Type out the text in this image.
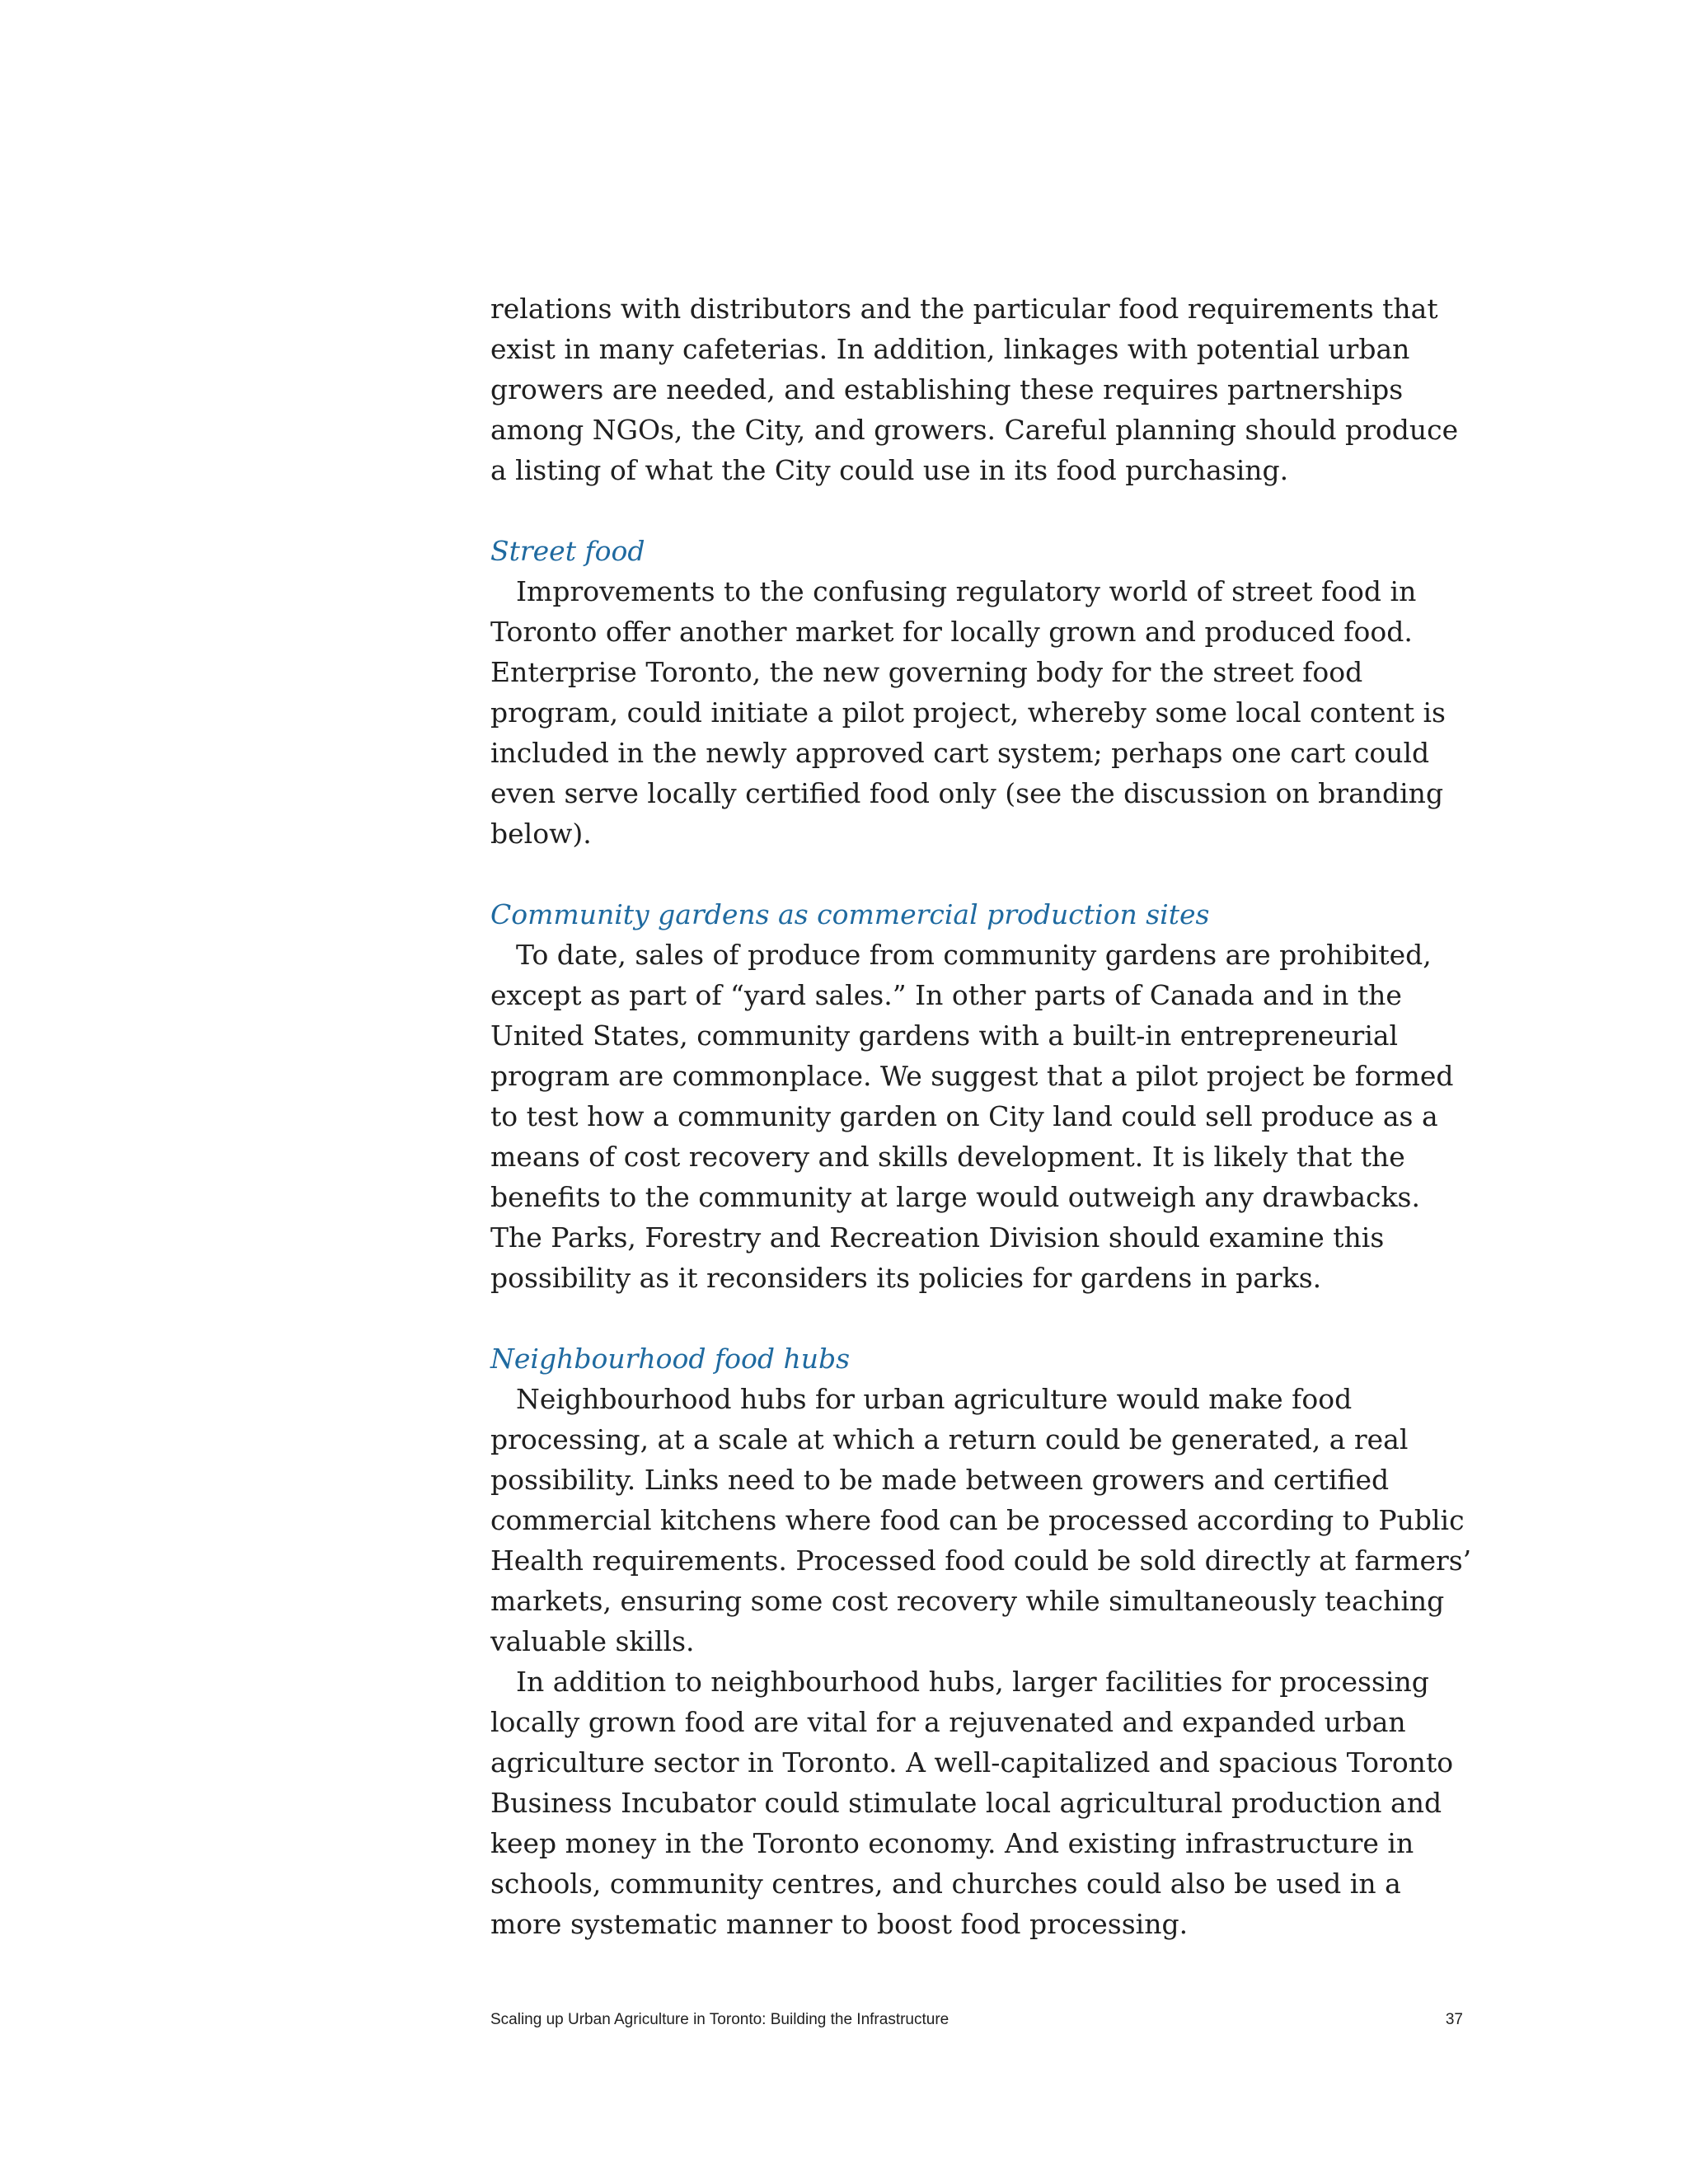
relations with distributors and the particular food requirements that exist in many cafeterias. In addition, linkages with potential urban growers are needed, and establishing these requires partnerships among NGOs, the City, and growers. Careful planning should produce a listing of what the City could use in its food purchasing.

Street food

Improvements to the confusing regulatory world of street food in Toronto offer another market for locally grown and produced food. Enterprise Toronto, the new governing body for the street food program, could initiate a pilot project, whereby some local content is included in the newly approved cart system; perhaps one cart could even serve locally certified food only (see the discussion on branding below).

Community gardens as commercial production sites

To date, sales of produce from community gardens are prohibited, except as part of “yard sales.” In other parts of Canada and in the United States, community gardens with a built-in entrepreneurial program are commonplace. We suggest that a pilot project be formed to test how a community garden on City land could sell produce as a means of cost recovery and skills development. It is likely that the benefits to the community at large would outweigh any drawbacks. The Parks, Forestry and Recreation Division should examine this possibility as it reconsiders its policies for gardens in parks.

Neighbourhood food hubs

Neighbourhood hubs for urban agriculture would make food processing, at a scale at which a return could be generated, a real possibility. Links need to be made between growers and certified commercial kitchens where food can be processed according to Public Health requirements. Processed food could be sold directly at farmers’ markets, ensuring some cost recovery while simultaneously teaching valuable skills.

In addition to neighbourhood hubs, larger facilities for processing locally grown food are vital for a rejuvenated and expanded urban agriculture sector in Toronto. A well-capitalized and spacious Toronto Business Incubator could stimulate local agricultural production and keep money in the Toronto economy. And existing infrastructure in schools, community centres, and churches could also be used in a more systematic manner to boost food processing.

Scaling up Urban Agriculture in Toronto: Building the Infrastructure	37
